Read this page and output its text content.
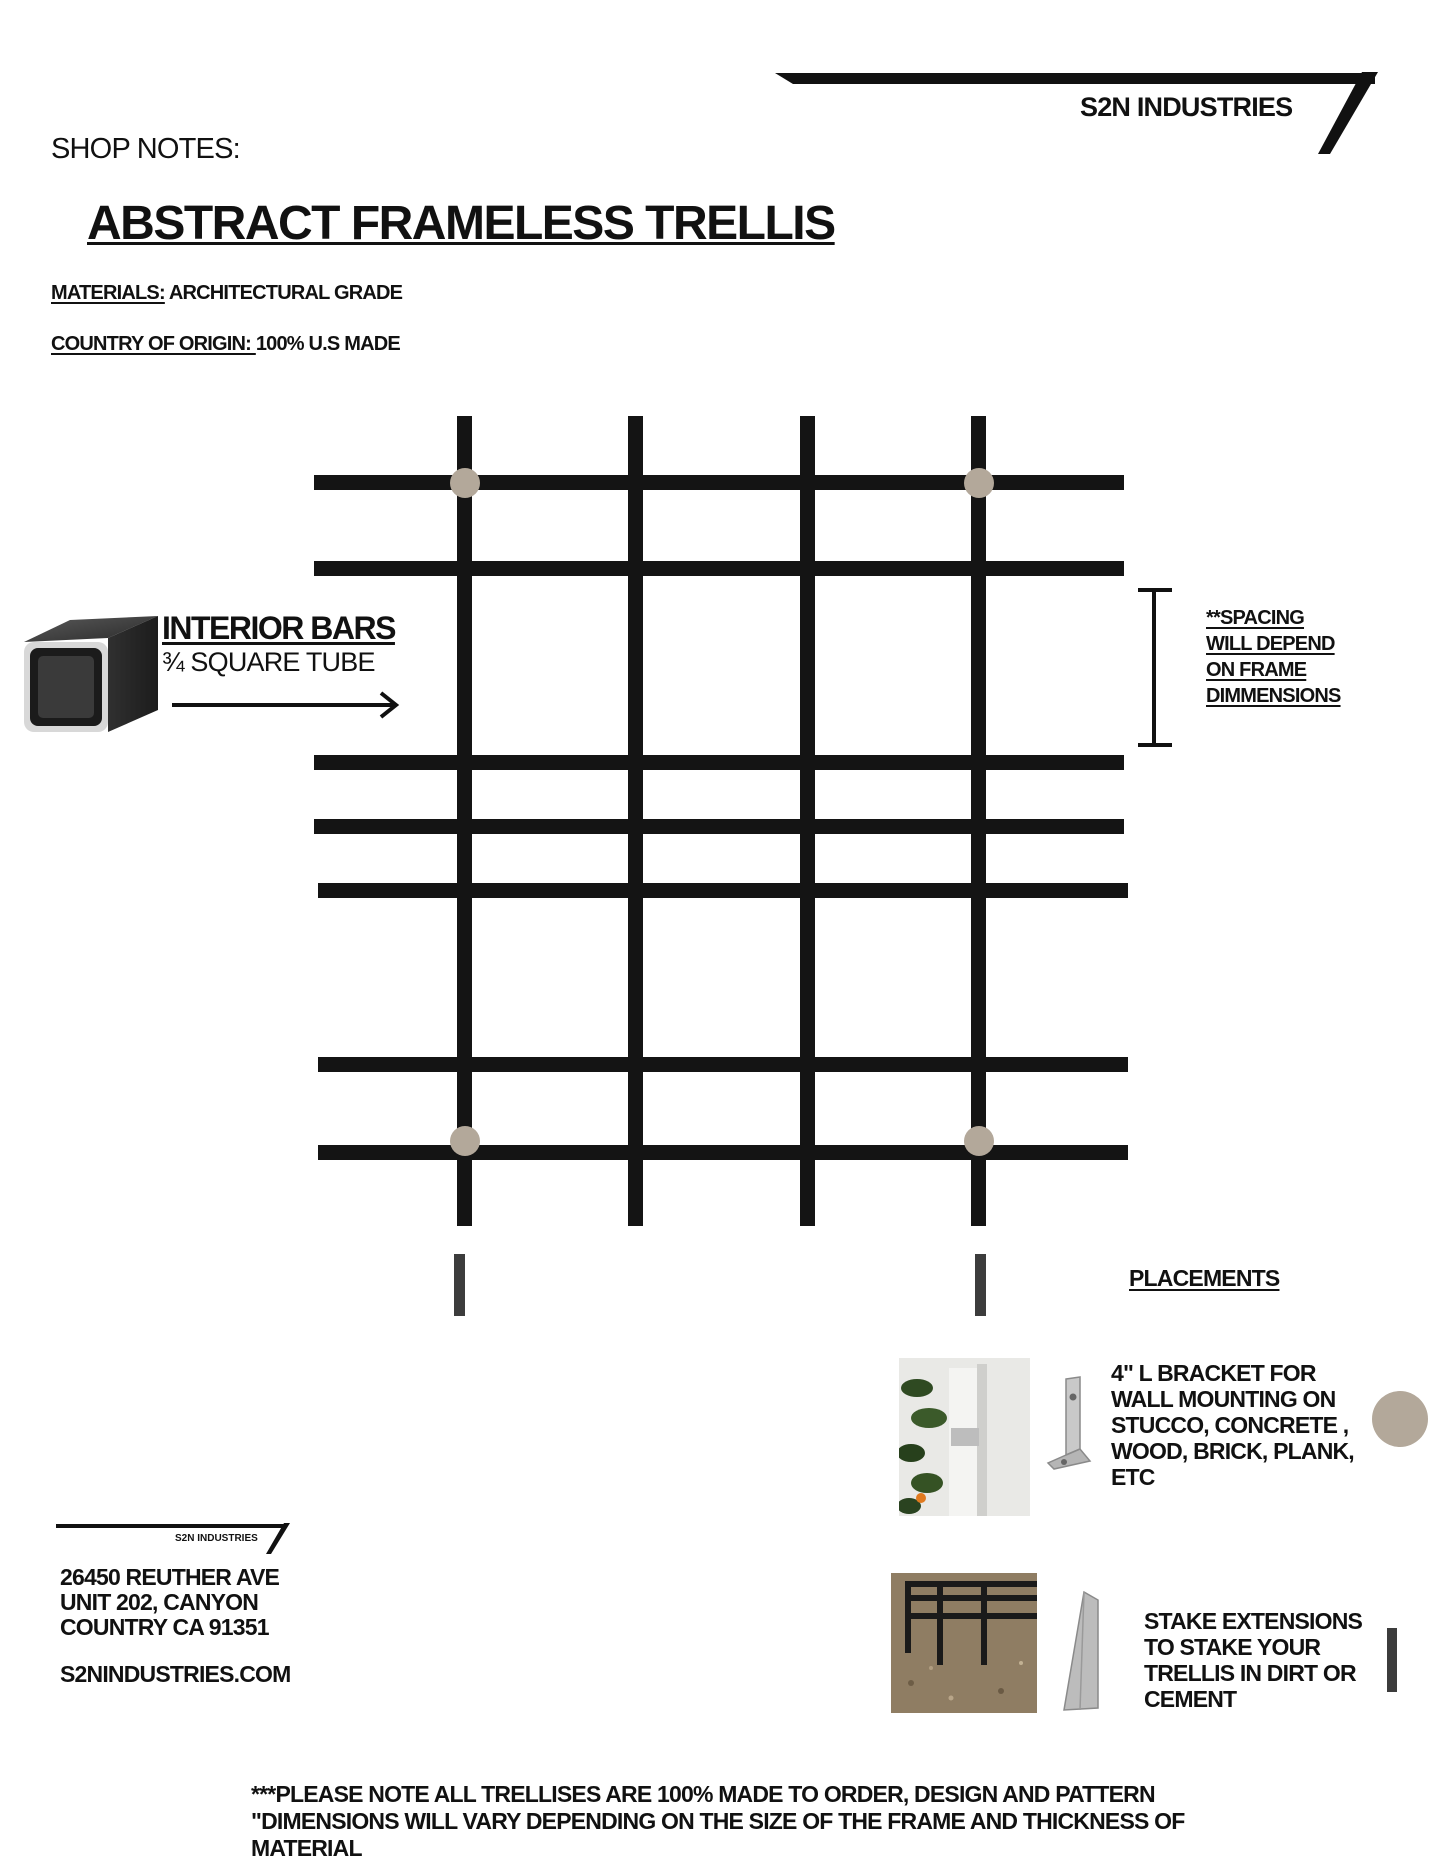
S2N INDUSTRIES
SHOP NOTES:
ABSTRACT FRAMELESS TRELLIS
MATERIALS: ARCHITECTURAL GRADE
COUNTRY OF ORIGIN: 100% U.S MADE
INTERIOR BARS
¾ SQUARE TUBE
**SPACING
WILL DEPEND
ON FRAME
DIMMENSIONS
PLACEMENTS
4" L BRACKET FOR
WALL MOUNTING ON
STUCCO, CONCRETE ,
WOOD, BRICK, PLANK,
ETC
STAKE EXTENSIONS
TO STAKE YOUR
TRELLIS IN DIRT OR
CEMENT
S2N INDUSTRIES
26450 REUTHER AVE
UNIT 202, CANYON
COUNTRY CA 91351
S2NINDUSTRIES.COM
***PLEASE NOTE ALL TRELLISES ARE 100% MADE TO ORDER, DESIGN AND PATTERN
"DIMENSIONS WILL VARY DEPENDING ON THE SIZE OF THE FRAME AND THICKNESS OF
MATERIAL
